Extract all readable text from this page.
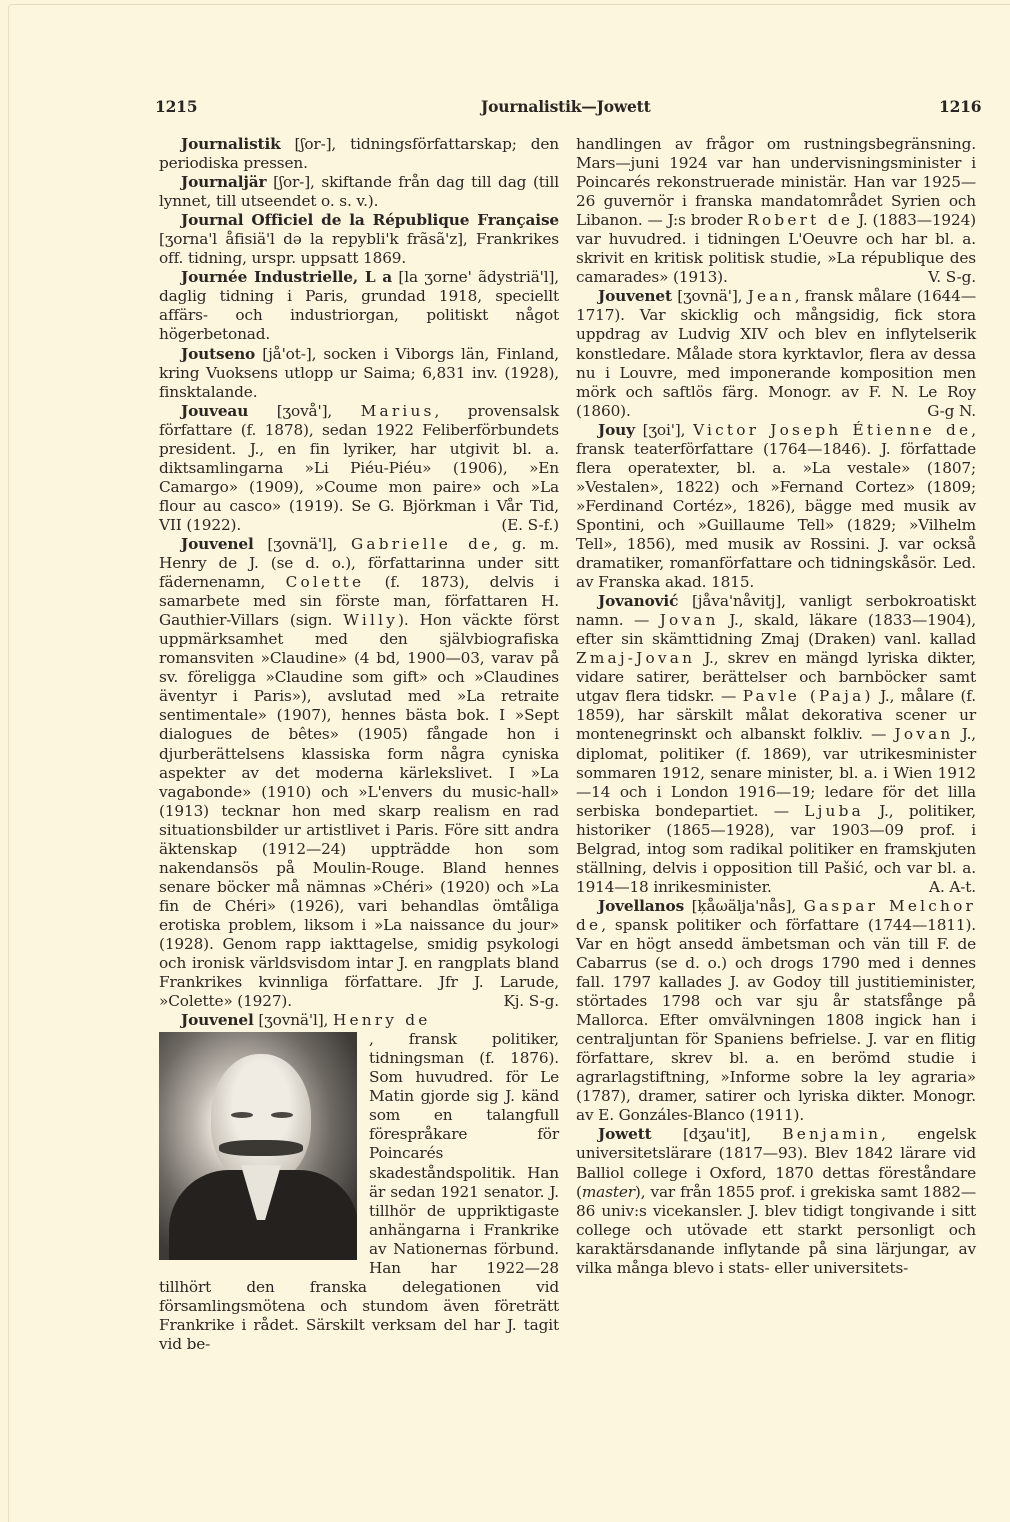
1215	Journalistik—Jowett	1216

Journalistik [ʃor-], tidningsförfattarskap; den periodiska pressen.

Journaljär [ʃor-], skiftande från dag till dag (till lynnet, till utseendet o. s. v.).

Journal Officiel de la République Française [ʒorna'l åfisiä'l də la repybli'k frãsã'z], Frankrikes off. tidning, urspr. uppsatt 1869.

Journée Industrielle, L a [la ʒorne' ãdystriä'l], daglig tidning i Paris, grundad 1918, speciellt affärs- och industriorgan, politiskt något högerbetonad.

Joutseno [jå'ot-], socken i Viborgs län, Finland, kring Vuoksens utlopp ur Saima; 6,831 inv. (1928), finsktalande.

Jouveau [ʒovå'], Marius, provensalsk författare (f. 1878), sedan 1922 Feliberförbundets president. J., en fin lyriker, har utgivit bl. a. diktsamlingarna »Li Piéu-Piéu» (1906), »En Camargo» (1909), »Coume mon paire» och »La flour au casco» (1919). Se G. Björkman i Vår Tid, VII (1922).	(E. S-f.)

Jouvenel [ʒovnä'l], Gabrielle de, g. m. Henry de J. (se d. o.), författarinna under sitt fädernenamn, Colette (f. 1873), delvis i samarbete med sin förste man, författaren H. Gauthier-Villars (sign. Willy). Hon väckte först uppmärksamhet med den självbiografiska romansviten »Claudine» (4 bd, 1900—03, varav på sv. föreligga »Claudine som gift» och »Claudines äventyr i Paris»), avslutad med »La retraite sentimentale» (1907), hennes bästa bok. I »Sept dialogues de bêtes» (1905) fångade hon i djurberättelsens klassiska form några cyniska aspekter av det moderna kärlekslivet. I »La vagabonde» (1910) och »L'envers du music-hall» (1913) tecknar hon med skarp realism en rad situationsbilder ur artistlivet i Paris. Före sitt andra äktenskap (1912—24) uppträdde hon som nakendansös på Moulin-Rouge. Bland hennes senare böcker må nämnas »Chéri» (1920) och »La fin de Chéri» (1926), vari behandlas ömtåliga erotiska problem, liksom i »La naissance du jour» (1928). Genom rapp iakttagelse, smidig psykologi och ironisk världsvisdom intar J. en rangplats bland Frankrikes kvinnliga författare. Jfr J. Larude, »Colette» (1927).	Kj. S-g.

Jouvenel [ʒovnä'l], Henry de
, fransk politiker, tidningsman (f. 1876). Som huvudred. för Le Matin gjorde sig J. känd som en talangfull förespråkare för Poincarés skadeståndspolitik. Han är sedan 1921 senator. J. tillhör de uppriktigaste anhängarna i Frankrike av Nationernas förbund. Han har 1922—28 tillhört den franska delegationen vid församlingsmötena och stundom även företrätt Frankrike i rådet. Särskilt verksam del har J. tagit vid be-

handlingen av frågor om rustningsbegränsning. Mars—juni 1924 var han undervisningsminister i Poincarés rekonstruerade ministär. Han var 1925—26 guvernör i franska mandatområdet Syrien och Libanon. — J:s broder Robert de J. (1883—1924) var huvudred. i tidningen L'Oeuvre och har bl. a. skrivit en kritisk politisk studie, »La république des camarades» (1913).	V. S-g.

Jouvenet [ʒovnä'], Jean, fransk målare (1644—1717). Var skicklig och mångsidig, fick stora uppdrag av Ludvig XIV och blev en inflytelserik konstledare. Målade stora kyrktavlor, flera av dessa nu i Louvre, med imponerande komposition men mörk och saftlös färg. Monogr. av F. N. Le Roy (1860).	G-g N.

Jouy [ʒoi'], Victor Joseph Étienne de, fransk teaterförfattare (1764—1846). J. författade flera operatexter, bl. a. »La vestale» (1807; »Vestalen», 1822) och »Fernand Cortez» (1809; »Ferdinand Cortéz», 1826), bägge med musik av Spontini, och »Guillaume Tell» (1829; »Vilhelm Tell», 1856), med musik av Rossini. J. var också dramatiker, romanförfattare och tidningskåsör. Led. av Franska akad. 1815.

Jovanović [jåva'nåvitj], vanligt serbokroatiskt namn. — Jovan J., skald, läkare (1833—1904), efter sin skämttidning Zmaj (Draken) vanl. kallad Zmaj-Jovan J., skrev en mängd lyriska dikter, vidare satirer, berättelser och barnböcker samt utgav flera tidskr. — Pavle (Paja) J., målare (f. 1859), har särskilt målat dekorativa scener ur montenegrinskt och albanskt folkliv. — Jovan J., diplomat, politiker (f. 1869), var utrikesminister sommaren 1912, senare minister, bl. a. i Wien 1912—14 och i London 1916—19; ledare för det lilla serbiska bondepartiet. — Ljuba J., politiker, historiker (1865—1928), var 1903—09 prof. i Belgrad, intog som radikal politiker en framskjuten ställning, delvis i opposition till Pašić, och var bl. a. 1914—18 inrikesminister.	A. A-t.

Jovellanos [ķåωälja'nås], Gaspar Melchor de, spansk politiker och författare (1744—1811). Var en högt ansedd ämbetsman och vän till F. de Cabarrus (se d. o.) och drogs 1790 med i dennes fall. 1797 kallades J. av Godoy till justitieminister, störtades 1798 och var sju år statsfånge på Mallorca. Efter omvälvningen 1808 ingick han i centraljuntan för Spaniens befrielse. J. var en flitig författare, skrev bl. a. en berömd studie i agrarlagstiftning, »Informe sobre la ley agraria» (1787), dramer, satirer och lyriska dikter. Monogr. av E. Gonzáles-Blanco (1911).

Jowett [dʒau'it], Benjamin, engelsk universitetslärare (1817—93). Blev 1842 lärare vid Balliol college i Oxford, 1870 dettas föreståndare (master), var från 1855 prof. i grekiska samt 1882—86 univ:s vicekansler. J. blev tidigt tongivande i sitt college och utövade ett starkt personligt och karaktärsdanande inflytande på sina lärjungar, av vilka många blevo i stats- eller universitets-
